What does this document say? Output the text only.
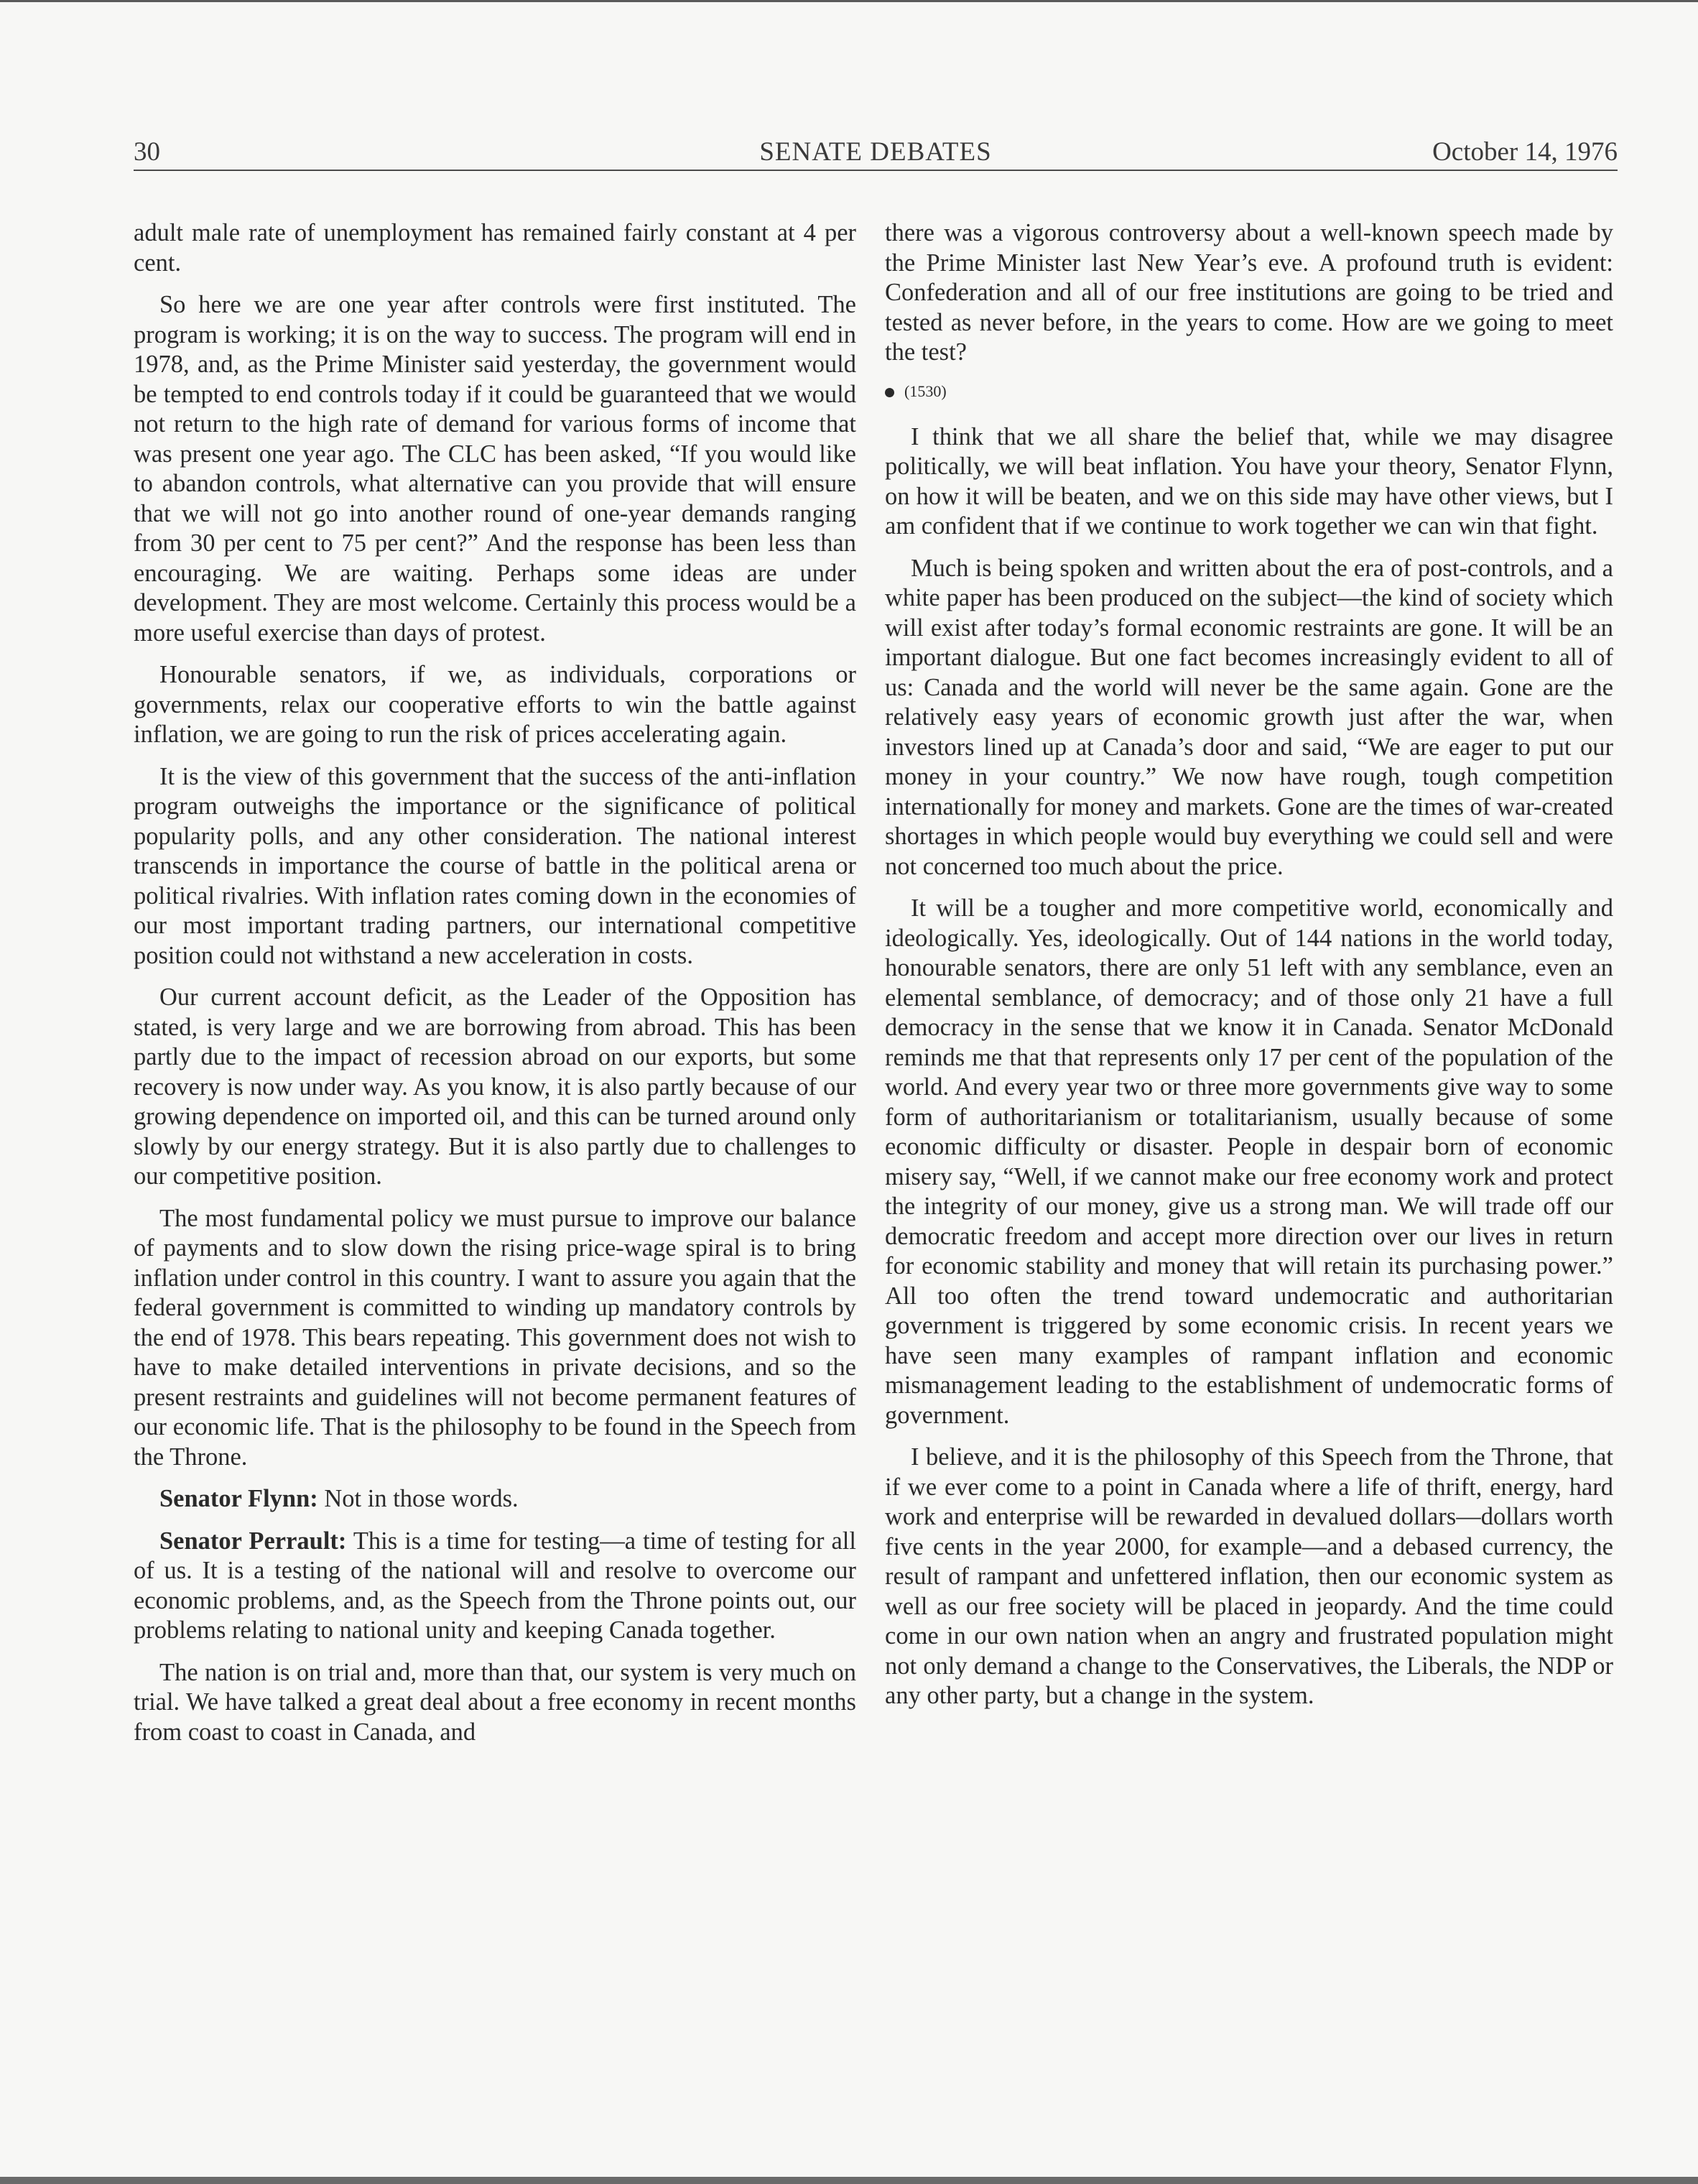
SENATE DEBATES
30	October 14, 1976

adult male rate of unemployment has remained fairly constant at 4 per cent.

So here we are one year after controls were first instituted. The program is working; it is on the way to success. The program will end in 1978, and, as the Prime Minister said yesterday, the government would be tempted to end controls today if it could be guaranteed that we would not return to the high rate of demand for various forms of income that was present one year ago. The CLC has been asked, “If you would like to abandon controls, what alternative can you provide that will ensure that we will not go into another round of one-year demands ranging from 30 per cent to 75 per cent?” And the response has been less than encouraging. We are waiting. Perhaps some ideas are under development. They are most welcome. Certainly this process would be a more useful exercise than days of protest.

Honourable senators, if we, as individuals, corporations or governments, relax our cooperative efforts to win the battle against inflation, we are going to run the risk of prices accelerating again.

It is the view of this government that the success of the anti-inflation program outweighs the importance or the significance of political popularity polls, and any other consideration. The national interest transcends in importance the course of battle in the political arena or political rivalries. With inflation rates coming down in the economies of our most important trading partners, our international competitive position could not withstand a new acceleration in costs.

Our current account deficit, as the Leader of the Opposition has stated, is very large and we are borrowing from abroad. This has been partly due to the impact of recession abroad on our exports, but some recovery is now under way. As you know, it is also partly because of our growing dependence on imported oil, and this can be turned around only slowly by our energy strategy. But it is also partly due to challenges to our competitive position.

The most fundamental policy we must pursue to improve our balance of payments and to slow down the rising price-wage spiral is to bring inflation under control in this country. I want to assure you again that the federal government is committed to winding up mandatory controls by the end of 1978. This bears repeating. This government does not wish to have to make detailed interventions in private decisions, and so the present restraints and guidelines will not become permanent features of our economic life. That is the philosophy to be found in the Speech from the Throne.

Senator Flynn: Not in those words.

Senator Perrault: This is a time for testing—a time of testing for all of us. It is a testing of the national will and resolve to overcome our economic problems, and, as the Speech from the Throne points out, our problems relating to national unity and keeping Canada together.

The nation is on trial and, more than that, our system is very much on trial. We have talked a great deal about a free economy in recent months from coast to coast in Canada, and

there was a vigorous controversy about a well-known speech made by the Prime Minister last New Year’s eve. A profound truth is evident: Confederation and all of our free institutions are going to be tried and tested as never before, in the years to come. How are we going to meet the test?

(1530)

I think that we all share the belief that, while we may disagree politically, we will beat inflation. You have your theory, Senator Flynn, on how it will be beaten, and we on this side may have other views, but I am confident that if we continue to work together we can win that fight.

Much is being spoken and written about the era of post-controls, and a white paper has been produced on the subject—the kind of society which will exist after today’s formal economic restraints are gone. It will be an important dialogue. But one fact becomes increasingly evident to all of us: Canada and the world will never be the same again. Gone are the relatively easy years of economic growth just after the war, when investors lined up at Canada’s door and said, “We are eager to put our money in your country.” We now have rough, tough competition internationally for money and markets. Gone are the times of war-created shortages in which people would buy everything we could sell and were not concerned too much about the price.

It will be a tougher and more competitive world, economically and ideologically. Yes, ideologically. Out of 144 nations in the world today, honourable senators, there are only 51 left with any semblance, even an elemental semblance, of democracy; and of those only 21 have a full democracy in the sense that we know it in Canada. Senator McDonald reminds me that that represents only 17 per cent of the population of the world. And every year two or three more governments give way to some form of authoritarianism or totalitarianism, usually because of some economic difficulty or disaster. People in despair born of economic misery say, “Well, if we cannot make our free economy work and protect the integrity of our money, give us a strong man. We will trade off our democratic freedom and accept more direction over our lives in return for economic stability and money that will retain its purchasing power.” All too often the trend toward undemocratic and authoritarian government is triggered by some economic crisis. In recent years we have seen many examples of rampant inflation and economic mismanagement leading to the establishment of undemocratic forms of government.

I believe, and it is the philosophy of this Speech from the Throne, that if we ever come to a point in Canada where a life of thrift, energy, hard work and enterprise will be rewarded in devalued dollars—dollars worth five cents in the year 2000, for example—and a debased currency, the result of rampant and unfettered inflation, then our economic system as well as our free society will be placed in jeopardy. And the time could come in our own nation when an angry and frustrated population might not only demand a change to the Conservatives, the Liberals, the NDP or any other party, but a change in the system.
